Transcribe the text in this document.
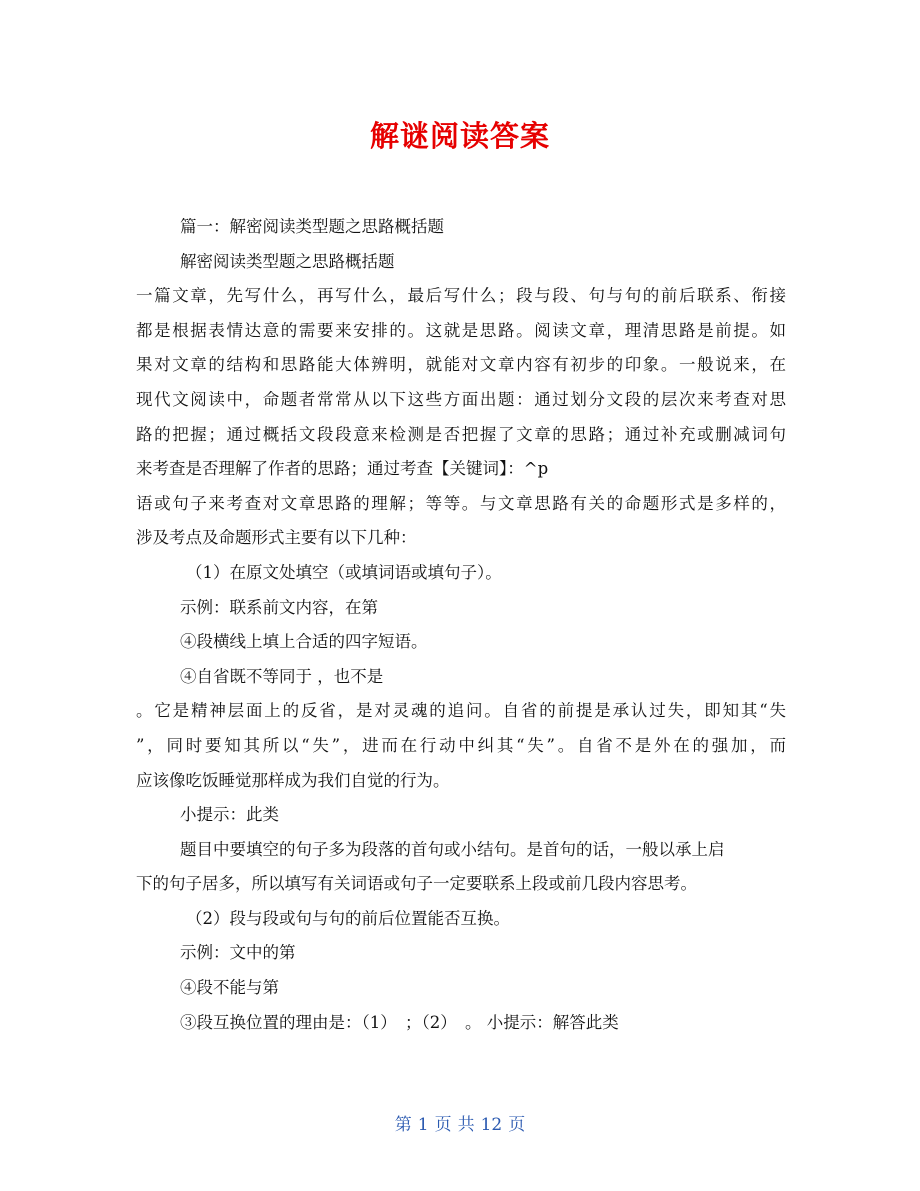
解谜阅读答案
篇一：解密阅读类型题之思路概括题
解密阅读类型题之思路概括题
一篇文章，先写什么，再写什么，最后写什么；段与段、句与句的前后联系、衔接
都是根据表情达意的需要来安排的。这就是思路。阅读文章，理清思路是前提。如
果对文章的结构和思路能大体辨明，就能对文章内容有初步的印象。一般说来，在
现代文阅读中，命题者常常从以下这些方面出题：通过划分文段的层次来考查对思
路的把握；通过概括文段段意来检测是否把握了文章的思路；通过补充或删减词句
来考查是否理解了作者的思路；通过考查【关键词】：^p
语或句子来考查对文章思路的理解；等等。与文章思路有关的命题形式是多样的，
涉及考点及命题形式主要有以下几种：
（1）在原文处填空（或填词语或填句子）。
示例：联系前文内容，在第
④段横线上填上合适的四字短语。
④自省既不等同于 ，也不是
。它是精神层面上的反省，是对灵魂的追问。自省的前提是承认过失，即知其“失
”，同时要知其所以“失”，进而在行动中纠其“失”。自省不是外在的强加，而
应该像吃饭睡觉那样成为我们自觉的行为。
小提示：此类
题目中要填空的句子多为段落的首句或小结句。是首句的话，一般以承上启
下的句子居多，所以填写有关词语或句子一定要联系上段或前几段内容思考。
（2）段与段或句与句的前后位置能否互换。
示例：文中的第
④段不能与第
③段互换位置的理由是：（1）　；（2）　。 小提示：解答此类
第 1 页 共 12 页
